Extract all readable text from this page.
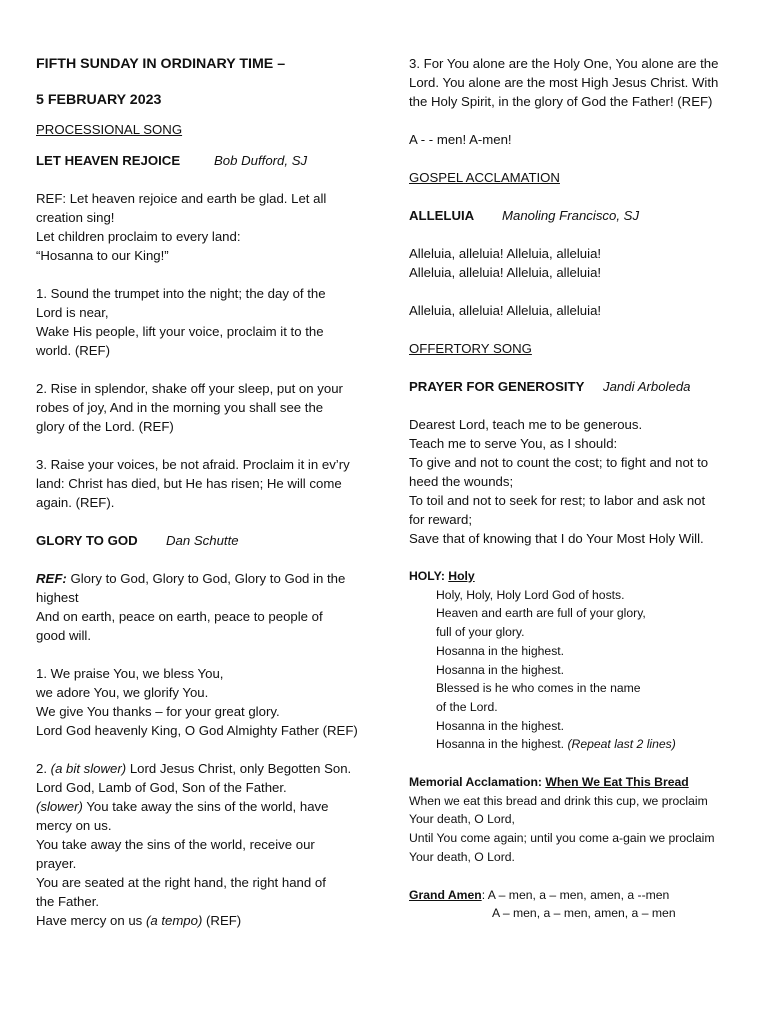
FIFTH SUNDAY IN ORDINARY TIME –

5 FEBRUARY 2023

PROCESSIONAL SONG

LET HEAVEN REJOICE	Bob Dufford, SJ

REF: Let heaven rejoice and earth be glad. Let all
creation sing!
Let children proclaim to every land:
“Hosanna to our King!”
1. Sound the trumpet into the night; the day of the
Lord is near,
Wake His people, lift your voice, proclaim it to the
world. (REF)
2. Rise in splendor, shake off your sleep, put on your
robes of joy, And in the morning you shall see the
glory of the Lord. (REF)
3. Raise your voices, be not afraid. Proclaim it in ev’ry
land: Christ has died, but He has risen; He will come
again. (REF).

GLORY TO GOD Dan Schutte

REF: Glory to God, Glory to God, Glory to God in the
highest
And on earth, peace on earth, peace to people of
good will.
1. We praise You, we bless You,
we adore You, we glorify You.
We give You thanks – for your great glory.
Lord God heavenly King, O God Almighty Father (REF)
2. (a bit slower) Lord Jesus Christ, only Begotten Son.
Lord God, Lamb of God, Son of the Father.
(slower) You take away the sins of the world, have
mercy on us.
You take away the sins of the world, receive our
prayer.
You are seated at the right hand, the right hand of
the Father.
Have mercy on us (a tempo) (REF)
3. For You alone are the Holy One, You alone are the
Lord. You alone are the most High Jesus Christ. With
the Holy Spirit, in the glory of God the Father! (REF)
A - - men! A-men!
GOSPEL ACCLAMATION

ALLELUIA Manoling Francisco, SJ

Alleluia, alleluia! Alleluia, alleluia!
Alleluia, alleluia! Alleluia, alleluia!
Alleluia, alleluia! Alleluia, alleluia!
OFFERTORY SONG

PRAYER FOR GENEROSITY Jandi Arboleda

Dearest Lord, teach me to be generous.
Teach me to serve You, as I should:
To give and not to count the cost; to fight and not to
heed the wounds;
To toil and not to seek for rest; to labor and ask not
for reward;
Save that of knowing that I do Your Most Holy Will.
HOLY: Holy
Holy, Holy, Holy Lord God of hosts.
Heaven and earth are full of your glory,
full of your glory.
Hosanna in the highest.
Hosanna in the highest.
Blessed is he who comes in the name
of the Lord.
Hosanna in the highest.
Hosanna in the highest. (Repeat last 2 lines)
Memorial Acclamation: When We Eat This Bread
When we eat this bread and drink this cup, we proclaim
Your death, O Lord,
Until You come again; until you come a-gain we proclaim
Your death, O Lord.
Grand Amen: A – men, a – men, amen, a --men
A – men, a – men, amen, a – men
